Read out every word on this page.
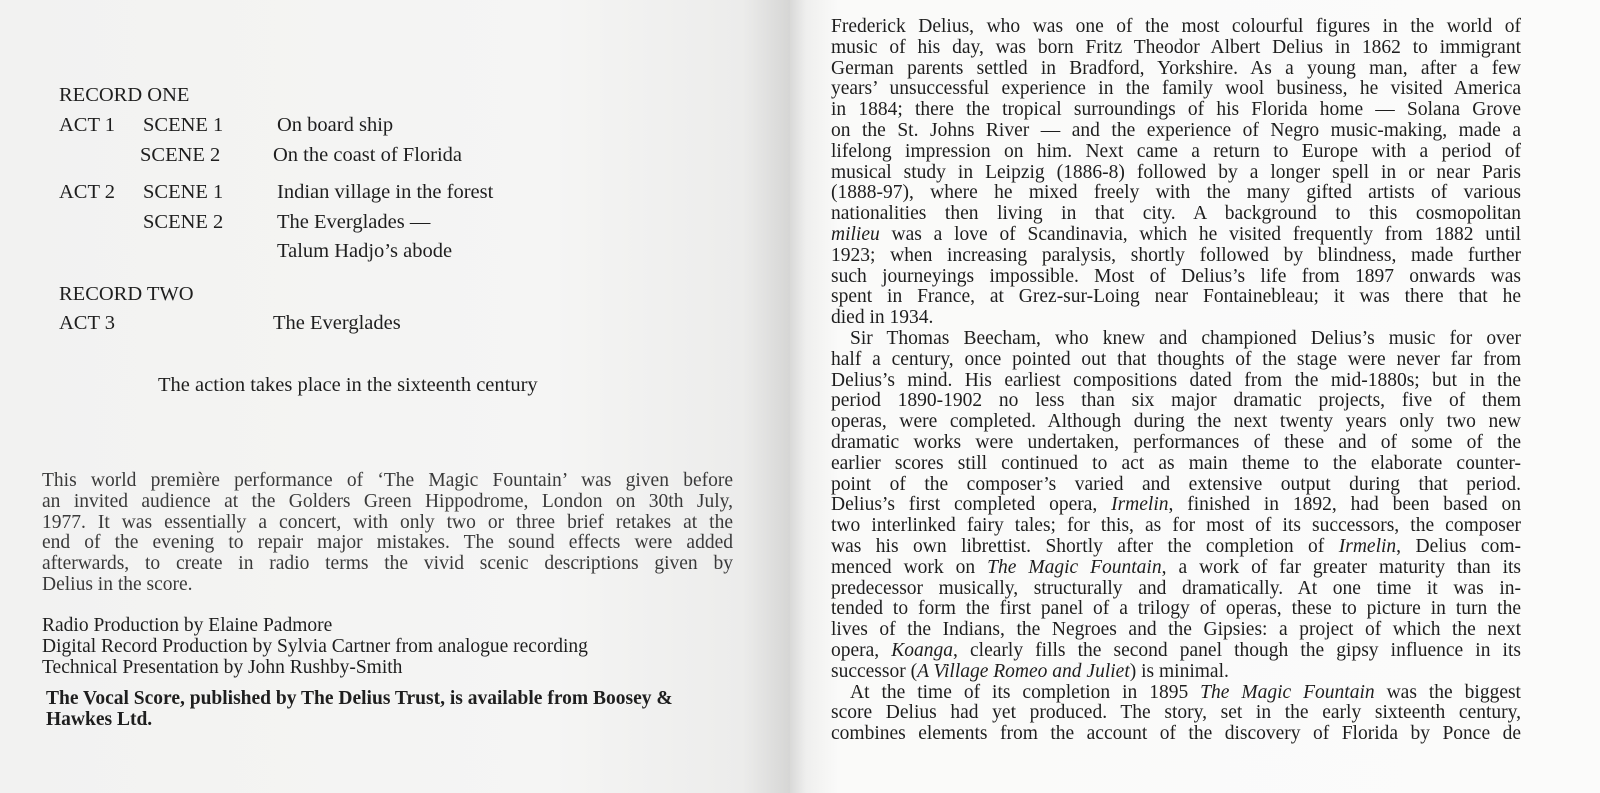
RECORD ONE
ACT 1 SCENE 1	On board ship
SCENE 2	On the coast of Florida
ACT 2 SCENE 1	Indian village in the forest
SCENE 2	The Everglades —
Talum Hadjo’s abode
RECORD TWO
ACT 3	The Everglades
The action takes place in the sixteenth century
This world première performance of ‘The Magic Fountain’ was given before
an invited audience at the Golders Green Hippodrome, London on 30th July,
1977. It was essentially a concert, with only two or three brief retakes at the
end of the evening to repair major mistakes. The sound effects were added
afterwards, to create in radio terms the vivid scenic descriptions given by
Delius in the score.
Radio Production by Elaine Padmore
Digital Record Production by Sylvia Cartner from analogue recording
Technical Presentation by John Rushby-Smith
The Vocal Score, published by The Delius Trust, is available from Boosey &
Hawkes Ltd.
Frederick Delius, who was one of the most colourful figures in the world of
music of his day, was born Fritz Theodor Albert Delius in 1862 to immigrant
German parents settled in Bradford, Yorkshire. As a young man, after a few
years’ unsuccessful experience in the family wool business, he visited America
in 1884; there the tropical surroundings of his Florida home — Solana Grove
on the St. Johns River — and the experience of Negro music-making, made a
lifelong impression on him. Next came a return to Europe with a period of
musical study in Leipzig (1886-8) followed by a longer spell in or near Paris
(1888-97), where he mixed freely with the many gifted artists of various
nationalities then living in that city. A background to this cosmopolitan
milieu was a love of Scandinavia, which he visited frequently from 1882 until
1923; when increasing paralysis, shortly followed by blindness, made further
such journeyings impossible. Most of Delius’s life from 1897 onwards was
spent in France, at Grez-sur-Loing near Fontainebleau; it was there that he
died in 1934.
Sir Thomas Beecham, who knew and championed Delius’s music for over
half a century, once pointed out that thoughts of the stage were never far from
Delius’s mind. His earliest compositions dated from the mid-1880s; but in the
period 1890-1902 no less than six major dramatic projects, five of them
operas, were completed. Although during the next twenty years only two new
dramatic works were undertaken, performances of these and of some of the
earlier scores still continued to act as main theme to the elaborate counter-
point of the composer’s varied and extensive output during that period.
Delius’s first completed opera, Irmelin, finished in 1892, had been based on
two interlinked fairy tales; for this, as for most of its successors, the composer
was his own librettist. Shortly after the completion of Irmelin, Delius com-
menced work on The Magic Fountain, a work of far greater maturity than its
predecessor musically, structurally and dramatically. At one time it was in-
tended to form the first panel of a trilogy of operas, these to picture in turn the
lives of the Indians, the Negroes and the Gipsies: a project of which the next
opera, Koanga, clearly fills the second panel though the gipsy influence in its
successor (A Village Romeo and Juliet) is minimal.
At the time of its completion in 1895 The Magic Fountain was the biggest
score Delius had yet produced. The story, set in the early sixteenth century,
combines elements from the account of the discovery of Florida by Ponce de
